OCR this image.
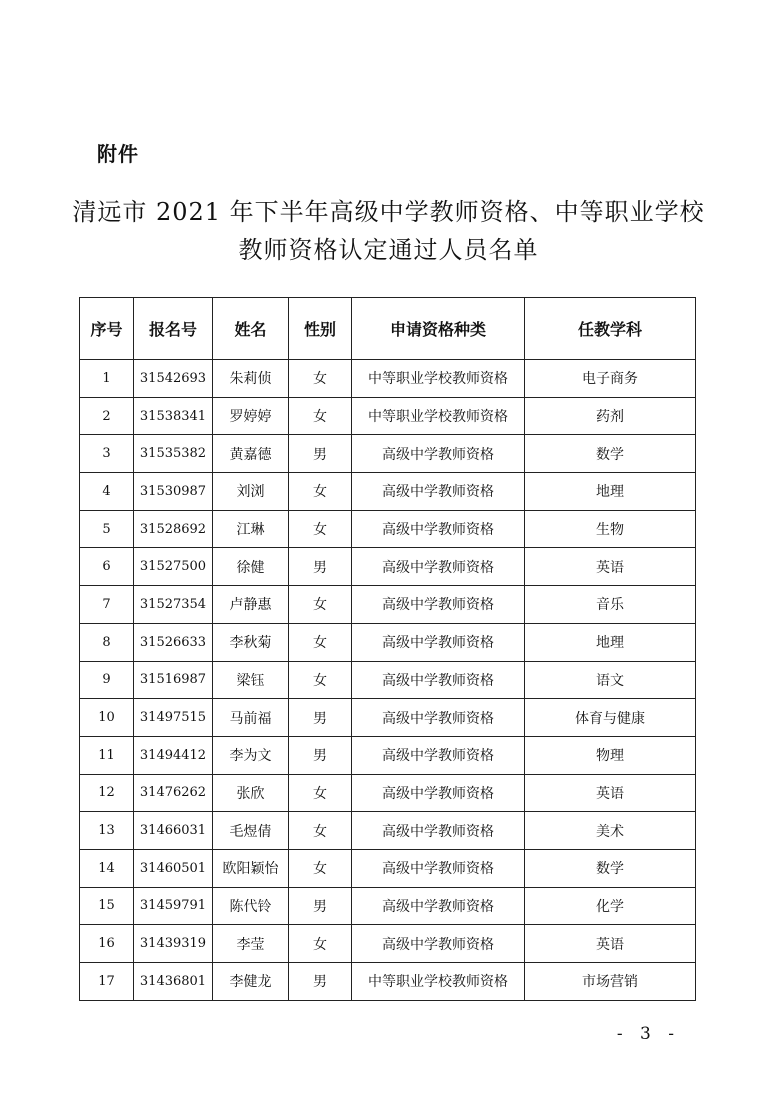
附件
清远市 2021 年下半年高级中学教师资格、中等职业学校
教师资格认定通过人员名单
序号	报名号	姓名	性别	申请资格种类	任教学科
1	31542693	朱莉侦	女	中等职业学校教师资格	电子商务
2	31538341	罗婷婷	女	中等职业学校教师资格	药剂
3	31535382	黄嘉德	男	高级中学教师资格	数学
4	31530987	刘浏	女	高级中学教师资格	地理
5	31528692	江琳	女	高级中学教师资格	生物
6	31527500	徐健	男	高级中学教师资格	英语
7	31527354	卢静惠	女	高级中学教师资格	音乐
8	31526633	李秋菊	女	高级中学教师资格	地理
9	31516987	梁钰	女	高级中学教师资格	语文
10	31497515	马前福	男	高级中学教师资格	体育与健康
11	31494412	李为文	男	高级中学教师资格	物理
12	31476262	张欣	女	高级中学教师资格	英语
13	31466031	毛煜倩	女	高级中学教师资格	美术
14	31460501	欧阳颖怡	女	高级中学教师资格	数学
15	31459791	陈代铃	男	高级中学教师资格	化学
16	31439319	李莹	女	高级中学教师资格	英语
17	31436801	李健龙	男	中等职业学校教师资格	市场营销
- 3 -
